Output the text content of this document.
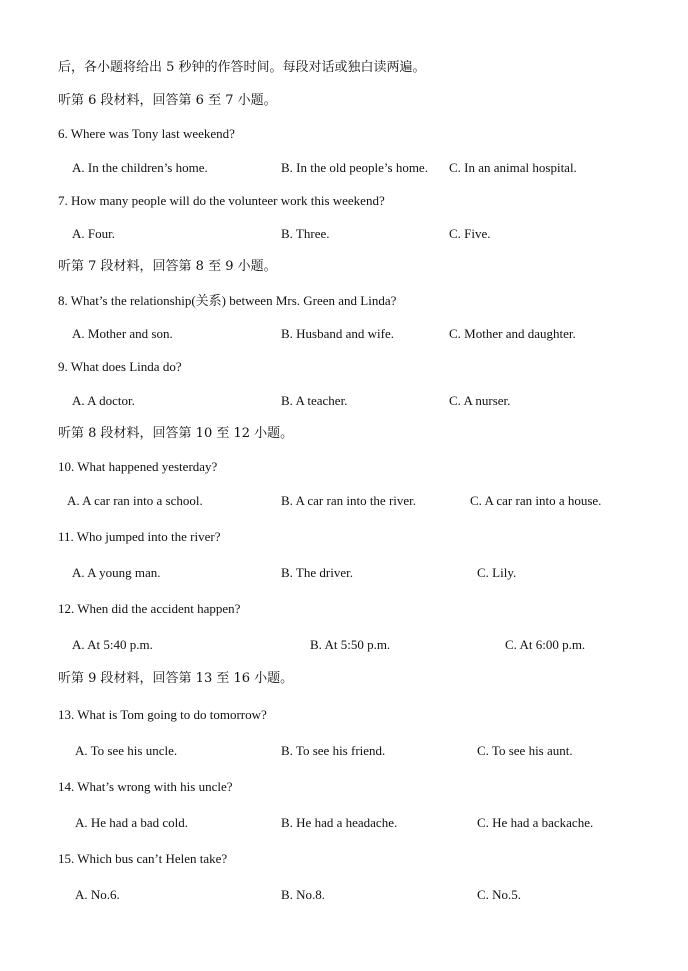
后，各小题将给出 5 秒钟的作答时间。每段对话或独白读两遍。
听第 6 段材料，回答第 6 至 7 小题。
6. Where was Tony last weekend?
A. In the children’s home.	B. In the old people’s home. C. In an animal hospital.
7. How many people will do the volunteer work this weekend?
A. Four.	B. Three.	C. Five.
听第 7 段材料，回答第 8 至 9 小题。
8. What’s the relationship(关系) between Mrs. Green and Linda?
A. Mother and son.	B. Husband and wife.	C. Mother and daughter.
9. What does Linda do?
A. A doctor.	B. A teacher.	C. A nurser.
听第 8 段材料，回答第 10 至 12 小题。
10. What happened yesterday?
A. A car ran into a school.	B. A car ran into the river.	C. A car ran into a house.
11. Who jumped into the river?
A. A young man.	B. The driver.	C. Lily.
12. When did the accident happen?
A. At 5:40 p.m.	B. At 5:50 p.m.	C. At 6:00 p.m.
听第 9 段材料，回答第 13 至 16 小题。
13. What is Tom going to do tomorrow?
A. To see his uncle.	B. To see his friend.	C. To see his aunt.
14. What’s wrong with his uncle?
A. He had a bad cold.	B. He had a headache.	C. He had a backache.
15. Which bus can’t Helen take?
A. No.6.	B. No.8.	C. No.5.
